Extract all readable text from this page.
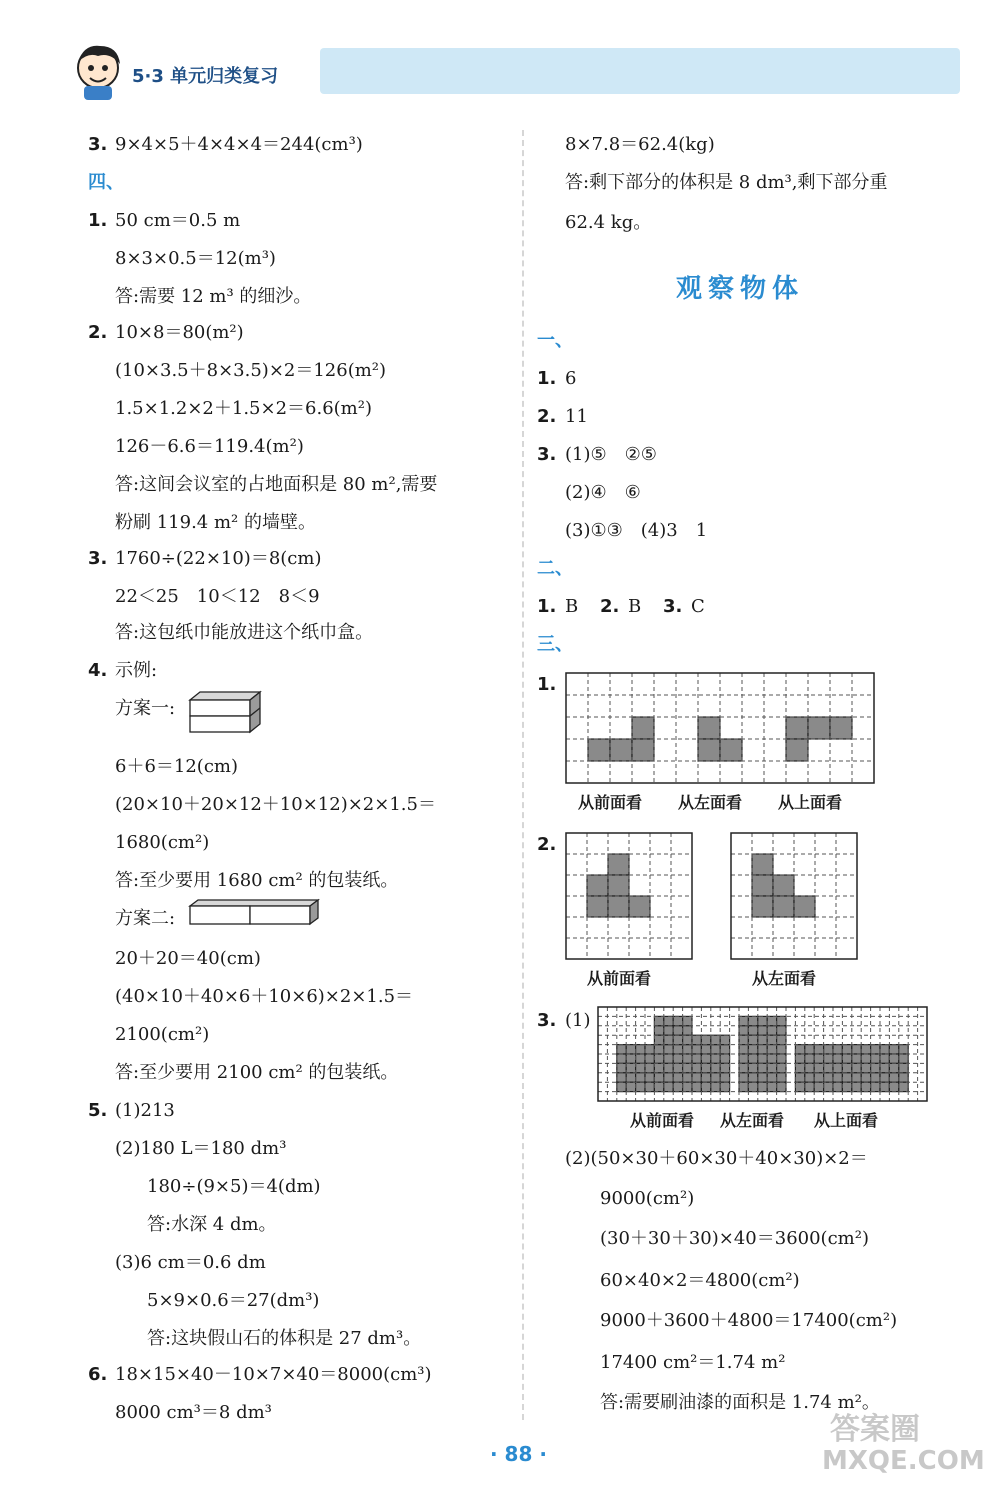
5·3 单元归类复习
3. 9×4×5＋4×4×4＝244(cm³)
四、
1. 50 cm＝0.5 m
8×3×0.5＝12(m³)
答:需要 12 m³ 的细沙。
2. 10×8＝80(m²)
(10×3.5＋8×3.5)×2＝126(m²)
1.5×1.2×2＋1.5×2＝6.6(m²)
126－6.6＝119.4(m²)
答:这间会议室的占地面积是 80 m²,需要
粉刷 119.4 m² 的墙壁。
3. 1760÷(22×10)＝8(cm)
22＜25　10＜12　8＜9
答:这包纸巾能放进这个纸巾盒。
4. 示例:
方案一:
6＋6＝12(cm)
(20×10＋20×12＋10×12)×2×1.5＝
1680(cm²)
答:至少要用 1680 cm² 的包装纸。
方案二:
20＋20＝40(cm)
(40×10＋40×6＋10×6)×2×1.5＝
2100(cm²)
答:至少要用 2100 cm² 的包装纸。
5. (1)213
(2)180 L＝180 dm³
180÷(9×5)＝4(dm)
答:水深 4 dm。
(3)6 cm＝0.6 dm
5×9×0.6＝27(dm³)
答:这块假山石的体积是 27 dm³。
6. 18×15×40－10×7×40＝8000(cm³)
8000 cm³＝8 dm³
8×7.8＝62.4(kg)
答:剩下部分的体积是 8 dm³,剩下部分重
62.4 kg。
观察物体
一、
1. 6
2. 11
3. (1)⑤　②⑤
(2)④　⑥
(3)①③　(4)3　1
二、
1. B　 2. B　 3. C
三、
1.
从前面看 从左面看 从上面看
2.
从前面看	从左面看
3. (1)
从前面看 从左面看 从上面看
(2)(50×30＋60×30＋40×30)×2＝
9000(cm²)
(30＋30＋30)×40＝3600(cm²)
60×40×2＝4800(cm²)
9000＋3600＋4800＝17400(cm²)
17400 cm²＝1.74 m²
答:需要刷油漆的面积是 1.74 m²。
· 88 ·
答案圈
MXQE.COM
